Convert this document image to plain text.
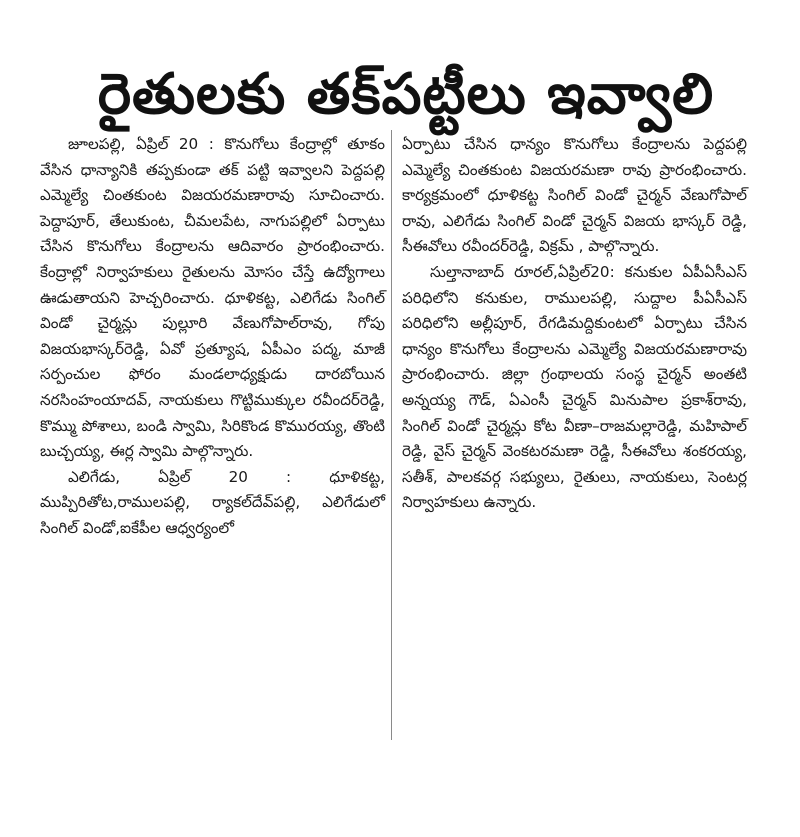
రైతులకు తక్‌పట్టీలు ఇవ్వాలి

జూలపల్లి, ఏప్రిల్ 20 : కొనుగోలు కేంద్రాల్లో తూకం వేసిన ధాన్యానికి తప్పకుండా తక్ పట్టి ఇవ్వాలని పెద్దపల్లి ఎమ్మెల్యే చింతకుంట విజయరమణారావు సూచించారు. పెద్దాపూర్, తేలుకుంట, చీమలపేట, నాగుపల్లిలో ఏర్పాటు చేసిన కొనుగోలు కేంద్రాలను ఆదివారం ప్రారంభించారు. కేంద్రాల్లో నిర్వాహకులు రైతులను మోసం చేస్తే ఉద్యోగాలు ఊడుతాయని హెచ్చరించారు. ధూళికట్ట, ఎలిగేడు సింగిల్ విండో చైర్మన్లు పుల్లూరి వేణుగోపాల్‌రావు, గోపు విజయభాస్కర్‌రెడ్డి, ఏవో ప్రత్యూష, ఏపీఎం పద్మ, మాజీ సర్పంచుల ఫోరం మండలాధ్యక్షుడు దారబోయిన నరసింహంయాదవ్, నాయకులు గొట్టిముక్కుల రవీందర్‌రెడ్డి, కొమ్ము పోశాలు, బండి స్వామి, సిరికొండ కొమురయ్య, తొంటి బుచ్చయ్య, ఈర్ల స్వామి పాల్గొన్నారు.

ఎలిగేడు, ఏప్రిల్ 20 : ధూళికట్ట, ముప్పిరితోట,రాములపల్లి, ర్యాకల్‌దేవ్‌పల్లి, ఎలిగేడులో సింగిల్ విండో,ఐకేపీల ఆధ్వర్యంలో

ఏర్పాటు చేసిన ధాన్యం కొనుగోలు కేంద్రాలను పెద్దపల్లి ఎమ్మెల్యే చింతకుంట విజయరమణా రావు ప్రారంభించారు. కార్యక్రమంలో ధూళికట్ట సింగిల్ విండో చైర్మన్ వేణుగోపాల్ రావు, ఎలిగేడు సింగిల్ విండో చైర్మన్ విజయ భాస్కర్ రెడ్డి, సీఈవోలు రవీందర్‌రెడ్డి, విక్రమ్ , పాల్గొన్నారు.

సుల్తానాబాద్ రూరల్,ఏప్రిల్20: కనుకుల ఏపీఏసీఎస్ పరిధిలోని కనుకుల, రాములపల్లి, సుద్దాల పీఏసీఎస్ పరిధిలోని అల్లీపూర్, రేగడిమద్దికుంటలో ఏర్పాటు చేసిన ధాన్యం కొనుగోలు కేంద్రాలను ఎమ్మెల్యే విజయరమణారావు ప్రారంభించారు. జిల్లా గ్రంథాలయ సంస్థ చైర్మన్ అంతటి అన్నయ్య గౌడ్, ఏఎంసీ చైర్మన్ మినుపాల ప్రకాశ్‌రావు, సింగిల్ విండో చైర్మన్లు కోట వీణా–రాజమల్లారెడ్డి, మహిపాల్ రెడ్డి, వైస్ చైర్మన్ వెంకటరమణా రెడ్డి, సీఈవోలు శంకరయ్య, సతీశ్, పాలకవర్గ సభ్యులు, రైతులు, నాయకులు, సెంటర్ల నిర్వాహకులు ఉన్నారు.
